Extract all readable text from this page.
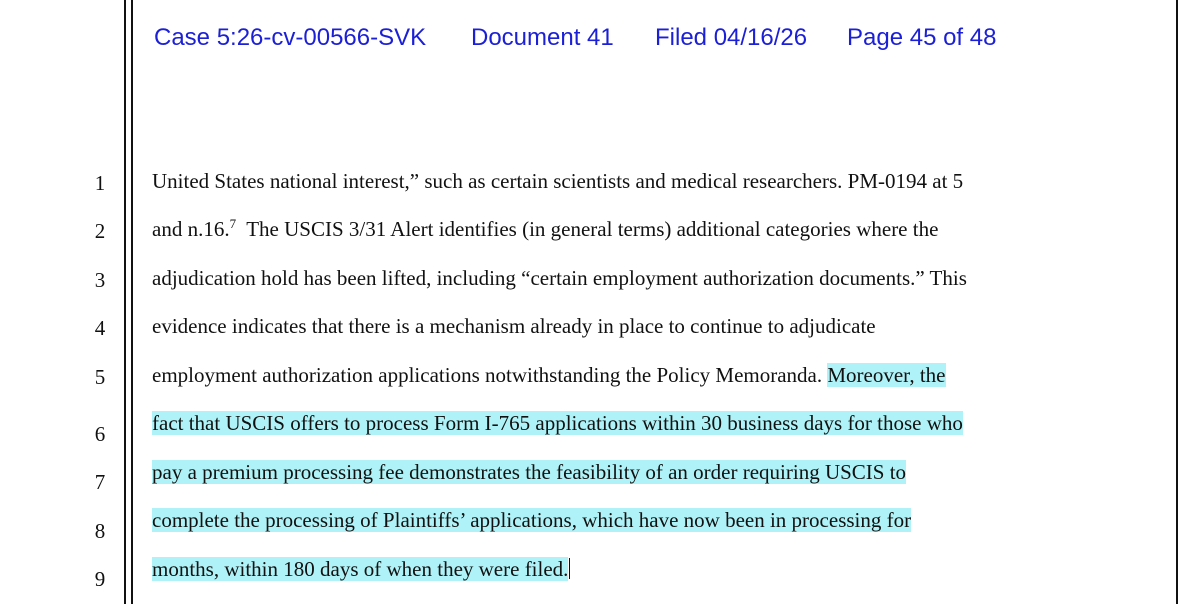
Case 5:26-cv-00566-SVK Document 41 Filed 04/16/26 Page 45 of 48
1
2
3
4
5
6
7
8
9
United States national interest,” such as certain scientists and medical researchers. PM-0194 at 5
and n.16.$^7$  The USCIS 3/31 Alert identifies (in general terms) additional categories where the
adjudication hold has been lifted, including “certain employment authorization documents.” This
evidence indicates that there is a mechanism already in place to continue to adjudicate
employment authorization applications notwithstanding the Policy Memoranda. Moreover, the
fact that USCIS offers to process Form I-765 applications within 30 business days for those who
pay a premium processing fee demonstrates the feasibility of an order requiring USCIS to
complete the processing of Plaintiffs’ applications, which have now been in processing for
months, within 180 days of when they were filed.
